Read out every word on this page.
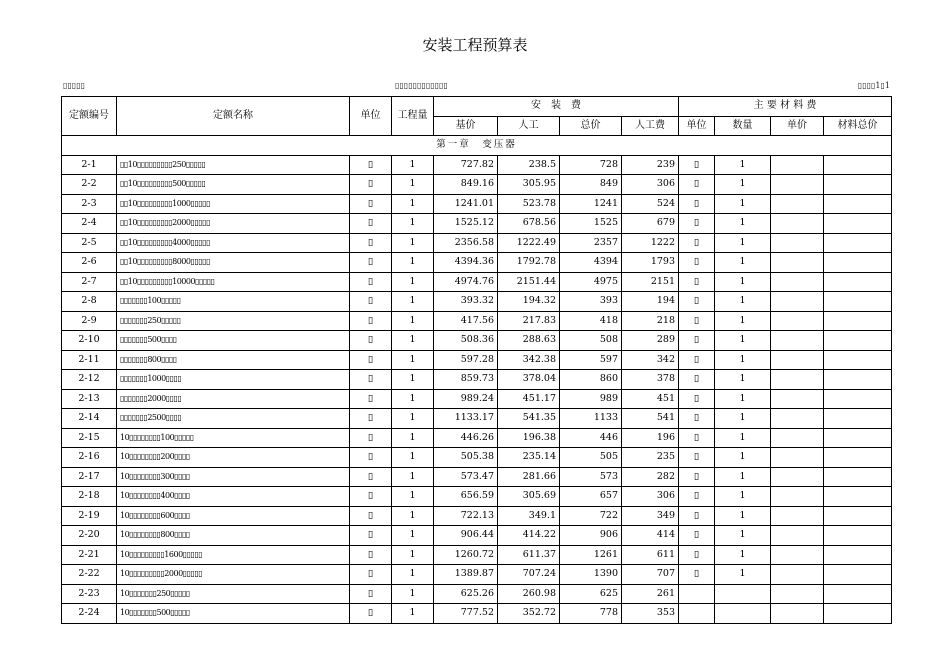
安装工程预算表
▯▯▯▯▯	▯▯▯▯▯▯▯▯▯▯▯▯	▯▯▯▯1▯1
定额编号	定额名称	单位	工程量	安　装　费				主 要 材 料 费			
				基价	人工	总价	人工费	单位	数量	单价	材料总价
第一章　变压器											
2-1	▯▯10▯▯▯▯▯▯▯▯▯250▯▯▯▯▯	▯	1	727.82	238.5	728	239	▯	1		
2-2	▯▯10▯▯▯▯▯▯▯▯▯500▯▯▯▯▯	▯	1	849.16	305.95	849	306	▯	1		
2-3	▯▯10▯▯▯▯▯▯▯▯▯1000▯▯▯▯▯	▯	1	1241.01	523.78	1241	524	▯	1		
2-4	▯▯10▯▯▯▯▯▯▯▯▯2000▯▯▯▯▯	▯	1	1525.12	678.56	1525	679	▯	1		
2-5	▯▯10▯▯▯▯▯▯▯▯▯4000▯▯▯▯▯	▯	1	2356.58	1222.49	2357	1222	▯	1		
2-6	▯▯10▯▯▯▯▯▯▯▯▯8000▯▯▯▯▯	▯	1	4394.36	1792.78	4394	1793	▯	1		
2-7	▯▯10▯▯▯▯▯▯▯▯▯10000▯▯▯▯▯	▯	1	4974.76	2151.44	4975	2151	▯	1		
2-8	▯▯▯▯▯▯▯100▯▯▯▯▯	▯	1	393.32	194.32	393	194	▯	1		
2-9	▯▯▯▯▯▯▯250▯▯▯▯▯	▯	1	417.56	217.83	418	218	▯	1		
2-10	▯▯▯▯▯▯▯500▯▯▯▯	▯	1	508.36	288.63	508	289	▯	1		
2-11	▯▯▯▯▯▯▯800▯▯▯▯	▯	1	597.28	342.38	597	342	▯	1		
2-12	▯▯▯▯▯▯▯1000▯▯▯▯	▯	1	859.73	378.04	860	378	▯	1		
2-13	▯▯▯▯▯▯▯2000▯▯▯▯	▯	1	989.24	451.17	989	451	▯	1		
2-14	▯▯▯▯▯▯▯2500▯▯▯▯	▯	1	1133.17	541.35	1133	541	▯	1		
2-15	10▯▯▯▯▯▯▯▯100▯▯▯▯▯	▯	1	446.26	196.38	446	196	▯	1		
2-16	10▯▯▯▯▯▯▯▯200▯▯▯▯	▯	1	505.38	235.14	505	235	▯	1		
2-17	10▯▯▯▯▯▯▯▯300▯▯▯▯	▯	1	573.47	281.66	573	282	▯	1		
2-18	10▯▯▯▯▯▯▯▯400▯▯▯▯	▯	1	656.59	305.69	657	306	▯	1		
2-19	10▯▯▯▯▯▯▯▯600▯▯▯▯	▯	1	722.13	349.1	722	349	▯	1		
2-20	10▯▯▯▯▯▯▯▯800▯▯▯▯	▯	1	906.44	414.22	906	414	▯	1		
2-21	10▯▯▯▯▯▯▯▯▯1600▯▯▯▯▯	▯	1	1260.72	611.37	1261	611	▯	1		
2-22	10▯▯▯▯▯▯▯▯▯2000▯▯▯▯▯	▯	1	1389.87	707.24	1390	707	▯	1		
2-23	10▯▯▯▯▯▯▯250▯▯▯▯▯	▯	1	625.26	260.98	625	261				
2-24	10▯▯▯▯▯▯▯500▯▯▯▯▯	▯	1	777.52	352.72	778	353				
